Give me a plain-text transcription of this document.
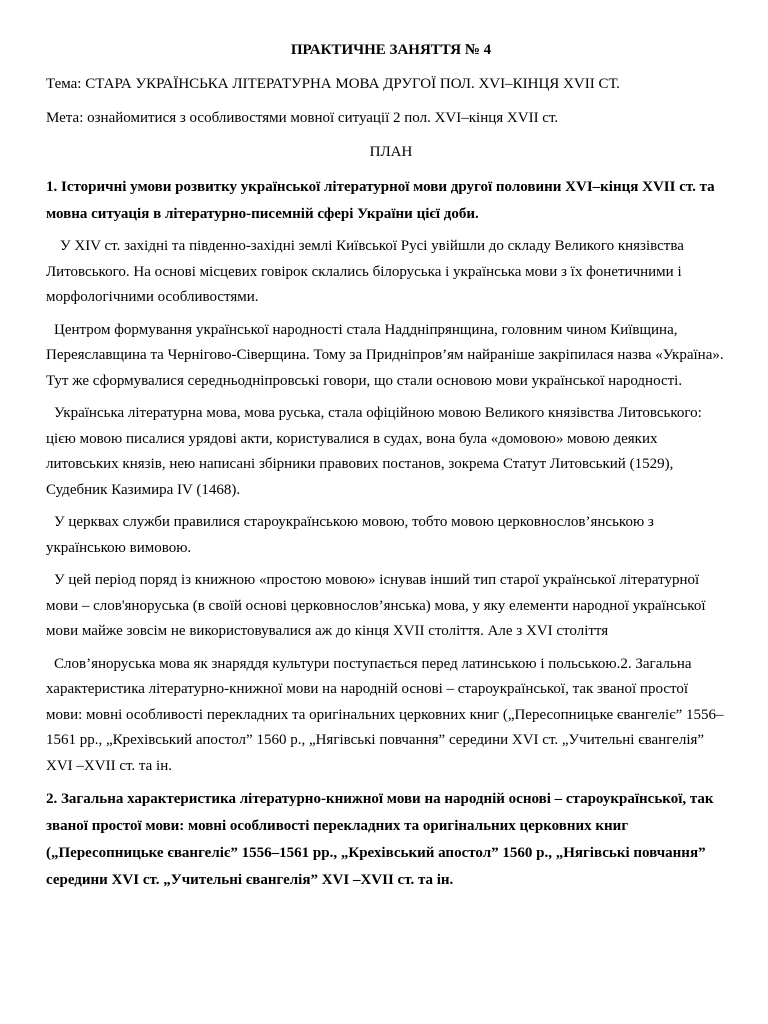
ПРАКТИЧНЕ ЗАНЯТТЯ № 4
Тема: СТАРА УКРАЇНСЬКА ЛІТЕРАТУРНА МОВА ДРУГОЇ ПОЛ. XVI–КІНЦЯ XVII СТ.
Мета: ознайомитися з особливостями мовної ситуації 2 пол. XVI–кінця XVII ст.
ПЛАН
1. Історичні умови розвитку української літературної мови другої половини XVI–кінця XVII ст. та мовна ситуація в літературно-писемній сфері України цієї доби.
У XIV ст. західні та південно-західні землі Київської Русі увійшли до складу Великого князівства Литовського. На основі місцевих говірок склались білоруська і українська мови з їх фонетичними і морфологічними особливостями.
Центром формування української народності стала Наддніпрянщина, головним чином Київщина, Переяславщина та Чернігово-Сіверщина. Тому за Придніпров’ям найраніше закріпилася назва «Україна». Тут же сформувалися середньодніпровські говори, що стали основою мови української народності.
Українська літературна мова, мова руська, стала офіційною мовою Великого князівства Литовського: цією мовою писалися урядові акти, користувалися в судах, вона була «домовою» мовою деяких литовських князів, нею написані збірники правових постанов, зокрема Статут Литовський (1529), Судебник Казимира IV (1468).
У церквах служби правилися староукраїнською мовою, тобто мовою церковнослов’янською з українською вимовою.
У цей період поряд із книжною «простою мовою» існував інший тип старої української літературної мови – слов'яноруська (в своїй основі церковнослов’янська) мова, у яку елементи народної української мови майже зовсім не використовувалися аж до кінця XVII століття. Але з XVI століття
Слов’яноруська мова як знаряддя культури поступається перед латинською і польською.2. Загальна характеристика літературно-книжної мови на народній основі – староукраїнської, так званої простої мови: мовні особливості перекладних та оригінальних церковних книг („Пересопницьке євангеліє” 1556–1561 рр., „Крехівський апостол” 1560 р., „Нягівські повчання” середини XVI ст. „Учительні євангелія” XVI –XVII ст. та ін.
2. Загальна характеристика літературно-книжної мови на народній основі – староукраїнської, так званої простої мови: мовні особливості перекладних та оригінальних церковних книг („Пересопницьке євангеліє” 1556–1561 рр., „Крехівський апостол” 1560 р., „Нягівські повчання” середини XVI ст. „Учительні євангелія” XVI –XVII ст. та ін.
